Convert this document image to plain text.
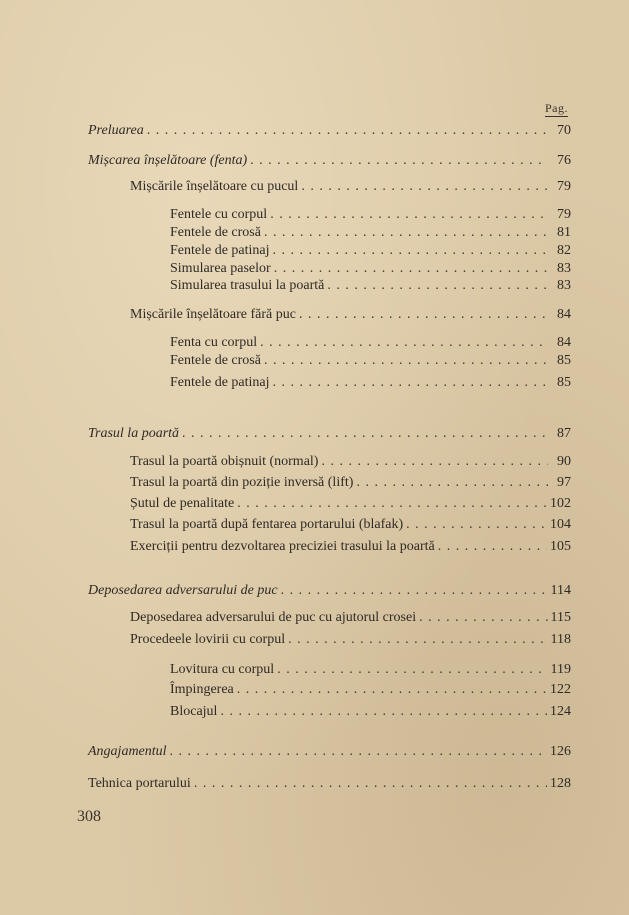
Pag.
Preluarea . . .	70
Mișcarea înșelătoare (fenta) . . .	76
Mișcările înșelătoare cu pucul . . .	79
Fentele cu corpul . . .	79
Fentele de crosă . . .	81
Fentele de patinaj . . .	82
Simularea paselor . . .	83
Simularea trasului la poartă . . .	83
Mișcările înșelătoare fără puc . . .	84
Fenta cu corpul . . .	84
Fentele de crosă . . .	85
Fentele de patinaj . . .	85
Trasul la poartă . . .	87
Trasul la poartă obișnuit (normal) . . .	90
Trasul la poartă din poziție inversă (lift) . . .	97
Șutul de penalitate . . .	102
Trasul la poartă după fentarea portarului (blafak) . . .	104
Exerciții pentru dezvoltarea preciziei trasului la poartă . . .	105
Deposedarea adversarului de puc . . .	114
Deposedarea adversarului de puc cu ajutorul crosei . . .	115
Procedeele lovirii cu corpul . . .	118
Lovitura cu corpul . . .	119
Împingerea . . .	122
Blocajul . . .	124
Angajamentul . . .	126
Tehnica portarului . . .	128
308
